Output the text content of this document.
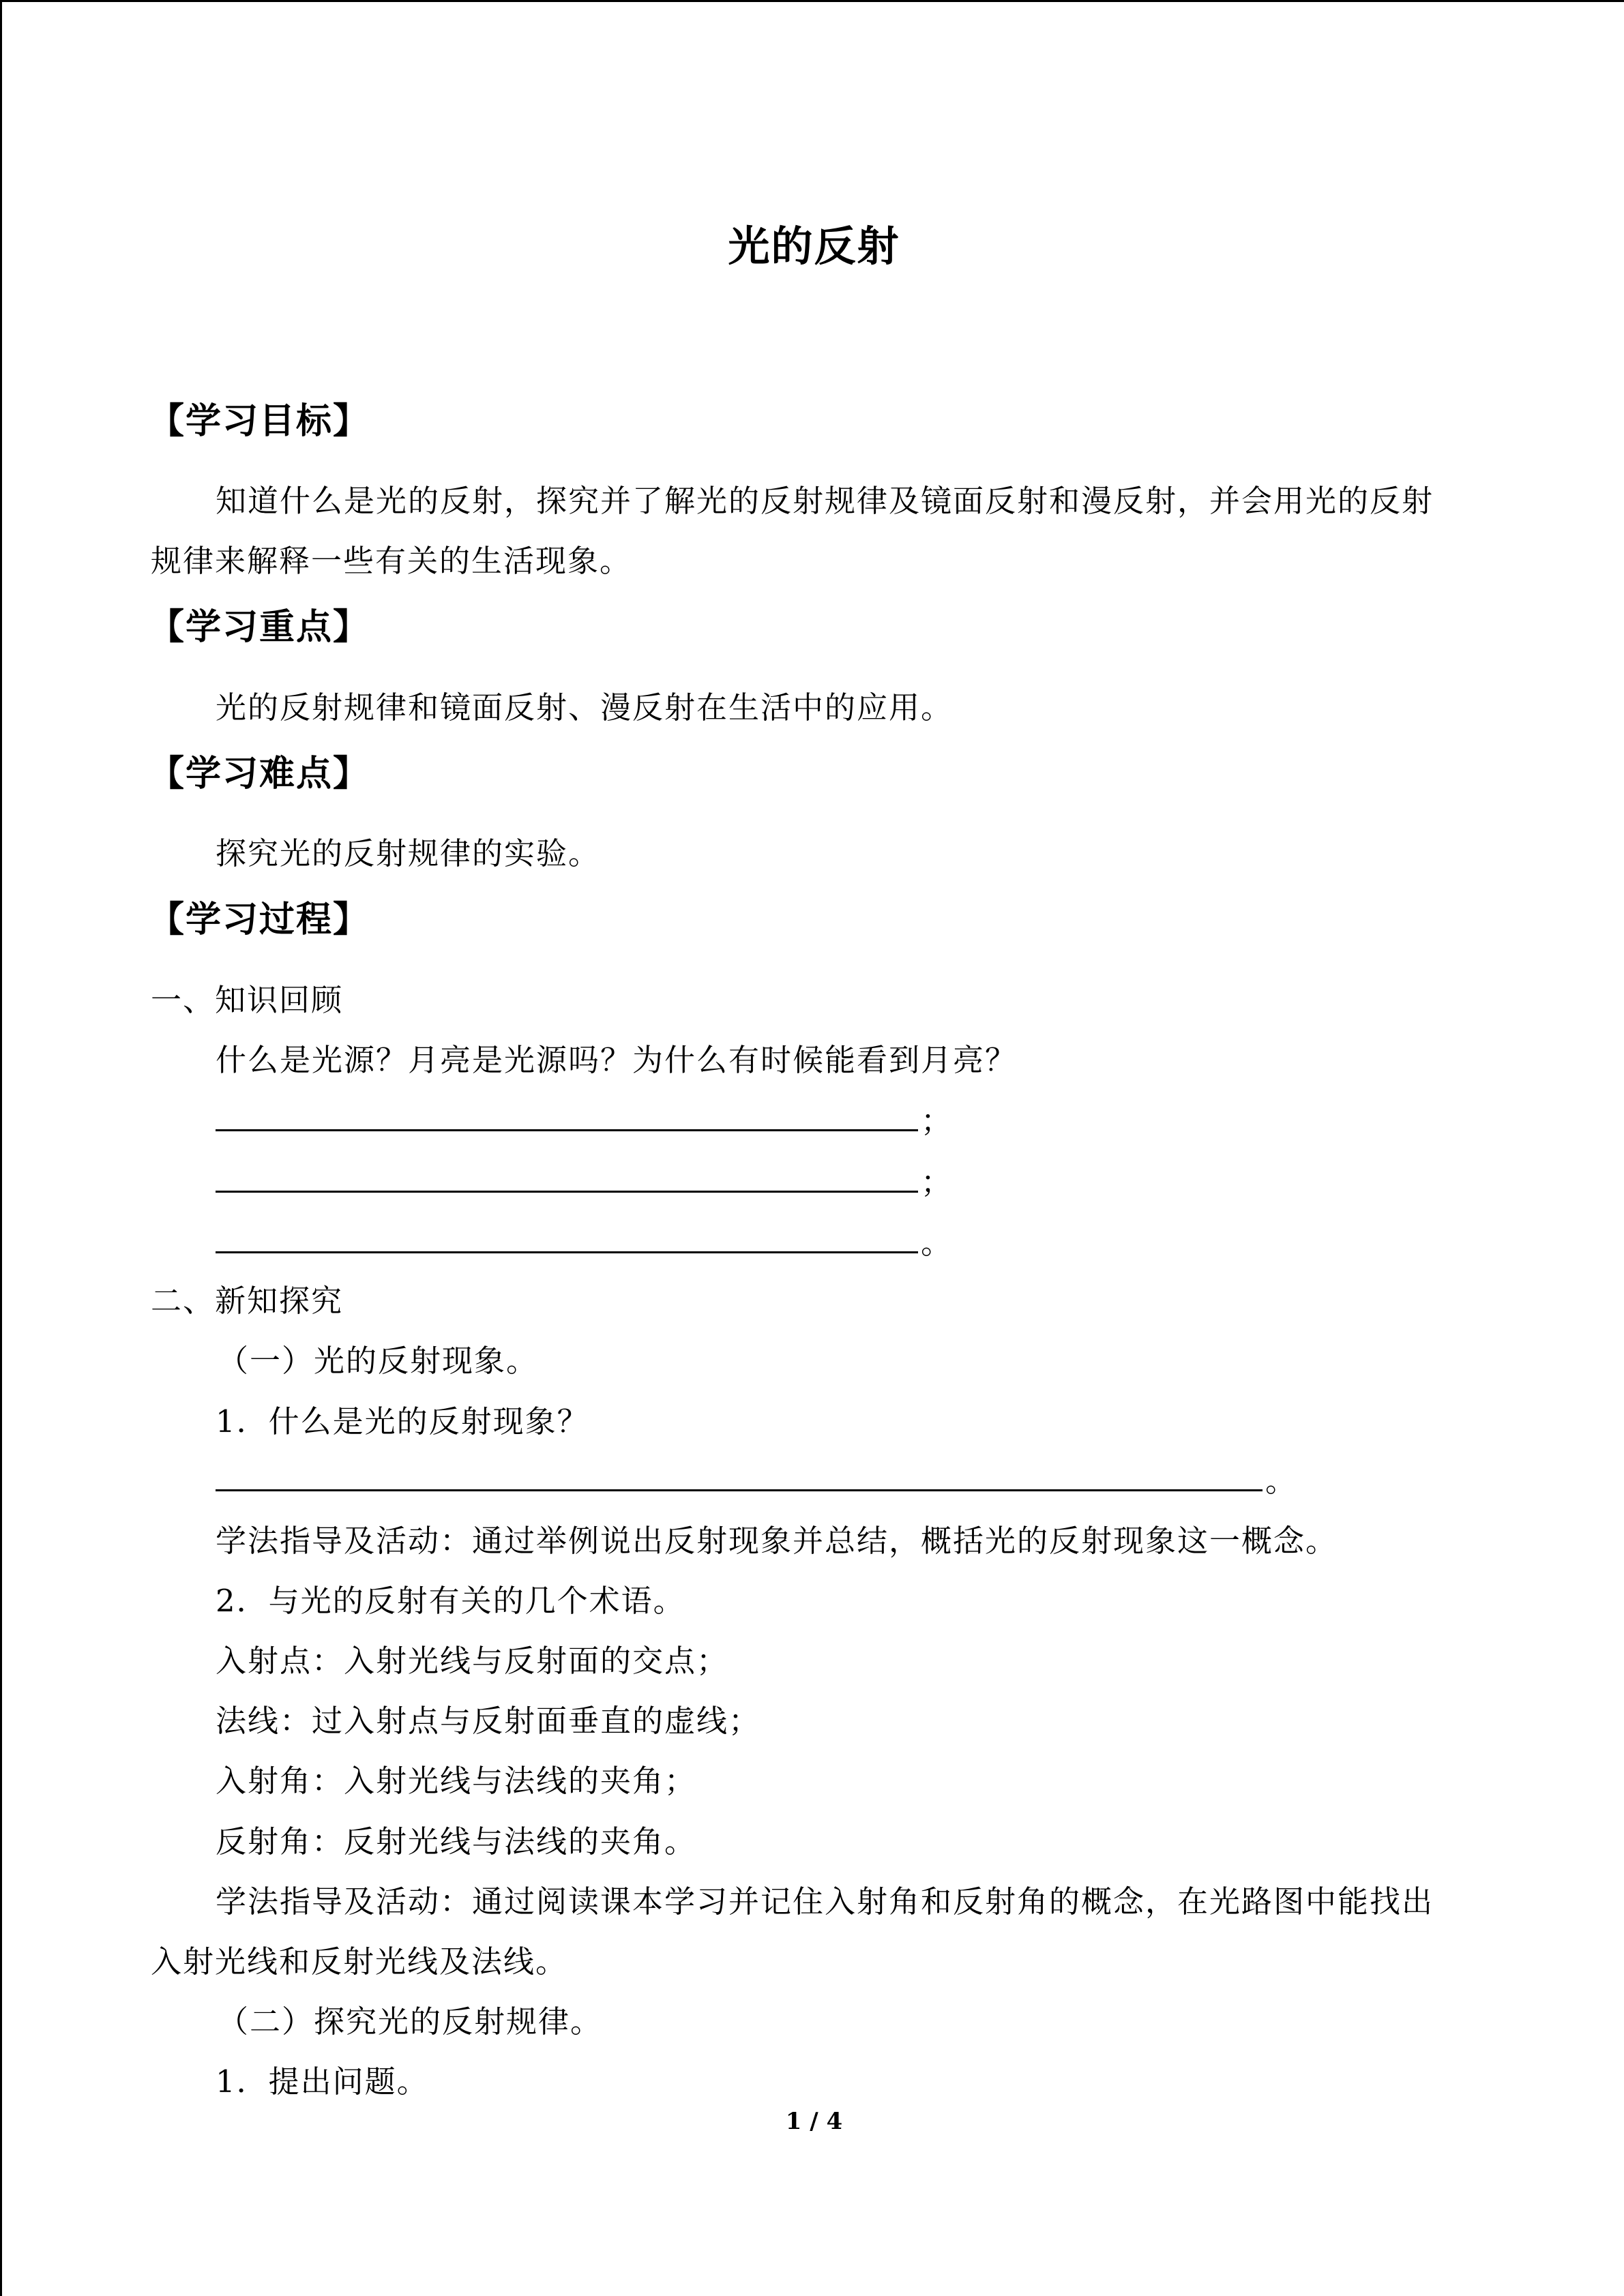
光的反射
【学习目标】
知道什么是光的反射，探究并了解光的反射规律及镜面反射和漫反射，并会用光的反射
规律来解释一些有关的生活现象。
【学习重点】
光的反射规律和镜面反射、漫反射在生活中的应用。
【学习难点】
探究光的反射规律的实验。
【学习过程】
一、知识回顾
什么是光源？月亮是光源吗？为什么有时候能看到月亮？
；
；
。
二、新知探究
（一）光的反射现象。
1．什么是光的反射现象？
。
学法指导及活动：通过举例说出反射现象并总结，概括光的反射现象这一概念。
2．与光的反射有关的几个术语。
入射点：入射光线与反射面的交点；
法线：过入射点与反射面垂直的虚线；
入射角：入射光线与法线的夹角；
反射角：反射光线与法线的夹角。
学法指导及活动：通过阅读课本学习并记住入射角和反射角的概念，在光路图中能找出
入射光线和反射光线及法线。
（二）探究光的反射规律。
1．提出问题。
1 / 4
